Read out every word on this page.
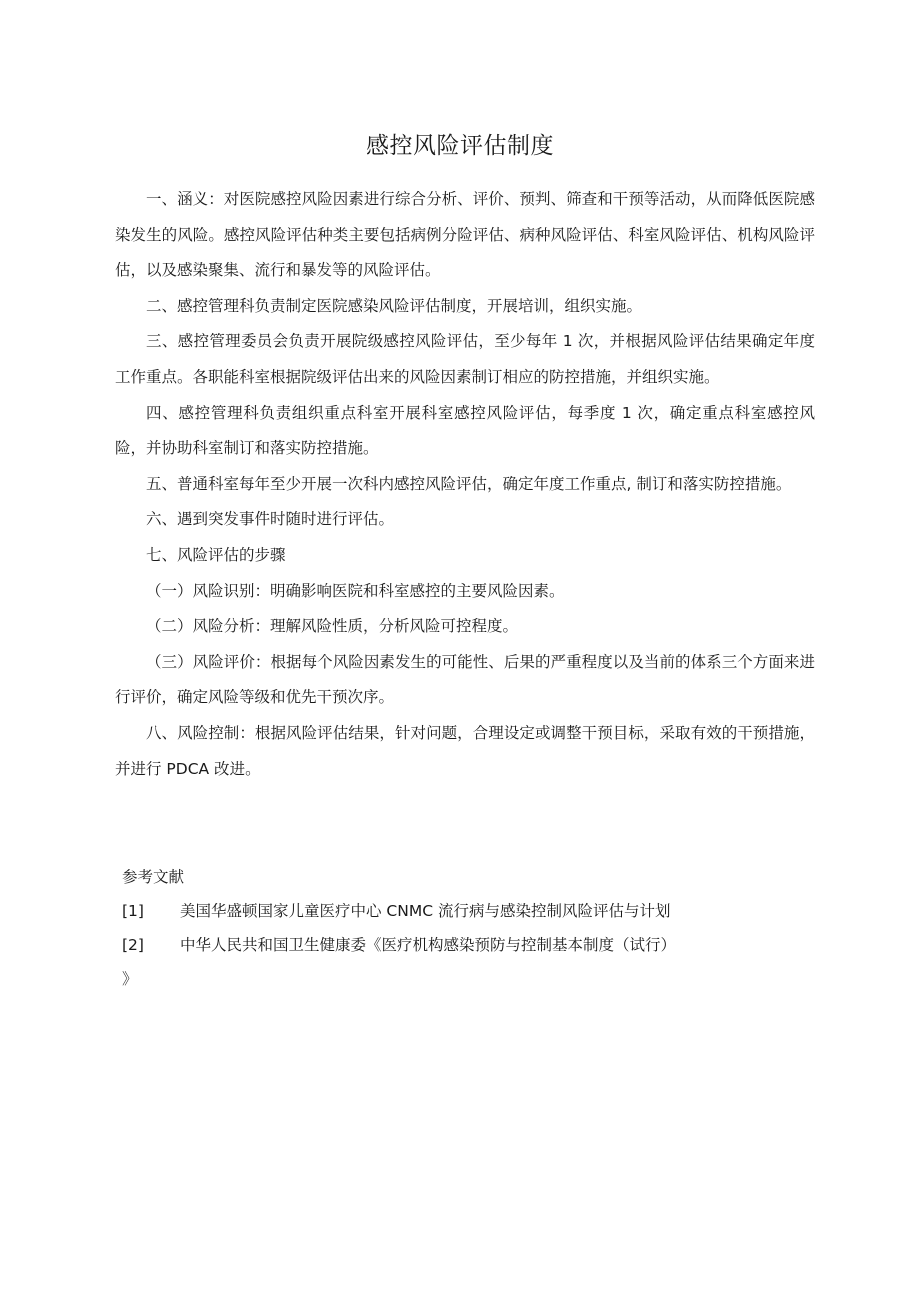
感控风险评估制度

一、涵义：对医院感控风险因素进行综合分析、评价、预判、筛查和干预等活动，从而降低医院感染发生的风险。感控风险评估种类主要包括病例分险评估、病种风险评估、科室风险评估、机构风险评估，以及感染聚集、流行和暴发等的风险评估。

二、感控管理科负责制定医院感染风险评估制度，开展培训，组织实施。

三、感控管理委员会负责开展院级感控风险评估，至少每年 1 次，并根据风险评估结果确定年度工作重点。各职能科室根据院级评估出来的风险因素制订相应的防控措施，并组织实施。

四、感控管理科负责组织重点科室开展科室感控风险评估，每季度 1 次，确定重点科室感控风险，并协助科室制订和落实防控措施。

五、普通科室每年至少开展一次科内感控风险评估，确定年度工作重点, 制订和落实防控措施。

六、遇到突发事件时随时进行评估。

七、风险评估的步骤

（一）风险识别：明确影响医院和科室感控的主要风险因素。

（二）风险分析：理解风险性质，分析风险可控程度。

（三）风险评价：根据每个风险因素发生的可能性、后果的严重程度以及当前的体系三个方面来进行评价，确定风险等级和优先干预次序。

八、风险控制：根据风险评估结果，针对问题，合理设定或调整干预目标，采取有效的干预措施，并进行 PDCA 改进。

参考文献

[1] 美国华盛顿国家儿童医疗中心 CNMC 流行病与感染控制风险评估与计划

[2] 中华人民共和国卫生健康委《医疗机构感染预防与控制基本制度（试行）

》
